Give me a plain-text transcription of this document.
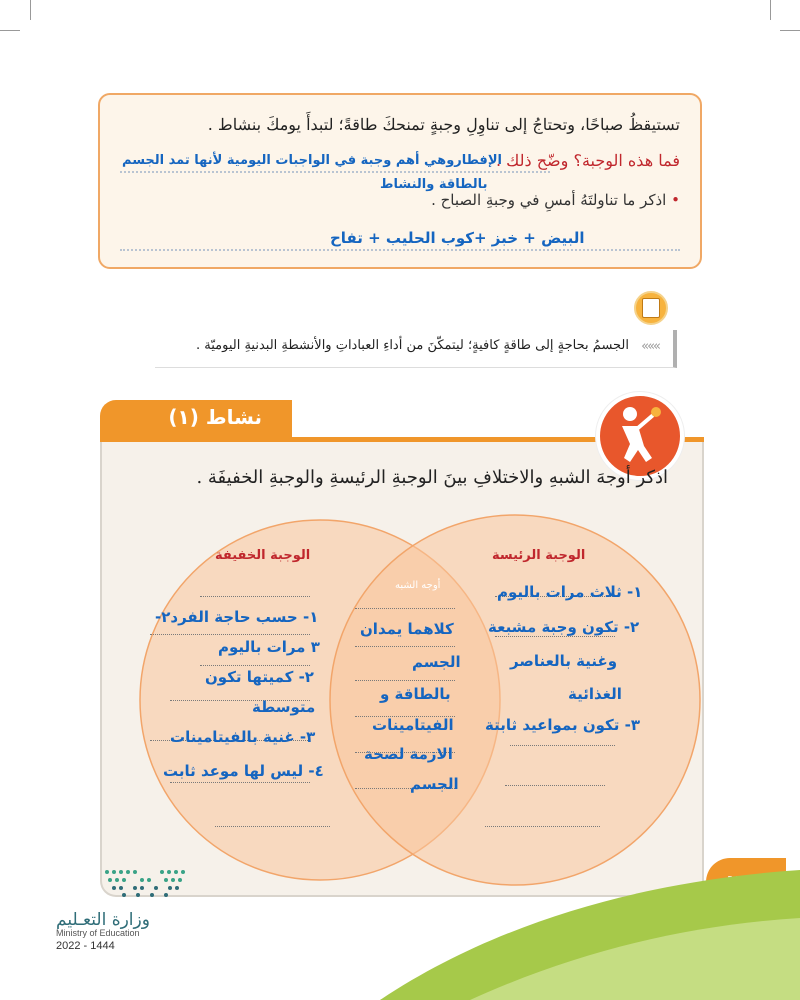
تستيقظُ صباحًا، وتحتاجُ إلى تناوِلِ وجبةٍ تمنحكَ طاقةً؛ لتبدأَ يومكَ بنشاط .
الإفطاروهي أهم وجبة في الواجبات اليومية لأنها تمد الجسم
فما هذه الوجبة؟ وضّح ذلك .
بالطاقة والنشاط
• اذكر ما تناولتَهُ أمسِ في وجبةِ الصباح .
البيض + خبز +كوب الحليب + تفاح
الجسمُ بحاجةٍ إلى طاقةٍ كافيةٍ؛ ليتمكّنَ من أداءِ العباداتِ والأنشطةِ البدنيةِ اليوميّة . «««
نشاط (١)
اذكر أوجهَ الشبهِ والاختلافِ بينَ الوجبةِ الرئيسةِ والوجبةِ الخفيفَة .
الوجبة الخفيفة
أوجه الشبه
الوجبة الرئيسة
١- حسب حاجة الفرد٢-
٣ مرات باليوم
٢- كميتها تكون
متوسطة
٣- غنية بالفيتامينات
٤- ليس لها موعد ثابت
كلاهما يمدان
الجسم
بالطاقة و
الفيتامينات
الازمة لصحة
الجسم
١- ثلاث مرات باليوم
٢- تكون وجبة مشبعة
وغنية بالعناصر
الغذائية
٣- تكون بمواعيد ثابتة
وزارة التعـليم
Ministry of Education
2022 - 1444
